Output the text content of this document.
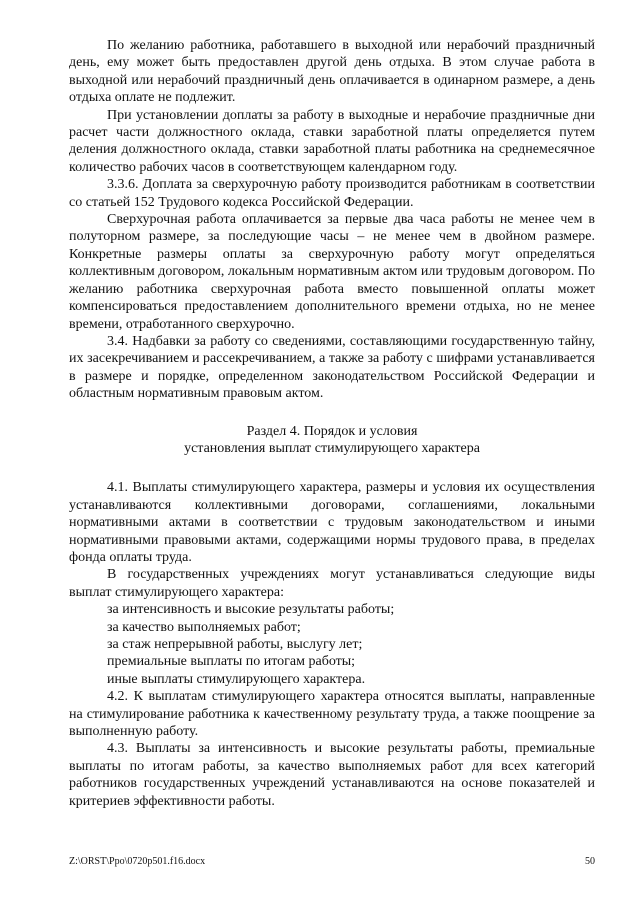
По желанию работника, работавшего в выходной или нерабочий праздничный день, ему может быть предоставлен другой день отдыха. В этом случае работа в выходной или нерабочий праздничный день оплачивается в одинарном размере, а день отдыха оплате не подлежит.

При установлении доплаты за работу в выходные и нерабочие праздничные дни расчет части должностного оклада, ставки заработной платы определяется путем деления должностного оклада, ставки заработной платы работника на среднемесячное количество рабочих часов в соответствующем календарном году.

3.3.6. Доплата за сверхурочную работу производится работникам в соответствии со статьей 152 Трудового кодекса Российской Федерации.

Сверхурочная работа оплачивается за первые два часа работы не менее чем в полуторном размере, за последующие часы – не менее чем в двойном размере. Конкретные размеры оплаты за сверхурочную работу могут определяться коллективным договором, локальным нормативным актом или трудовым договором. По желанию работника сверхурочная работа вместо повышенной оплаты может компенсироваться предоставлением дополнительного времени отдыха, но не менее времени, отработанного сверхурочно.

3.4. Надбавки за работу со сведениями, составляющими государственную тайну, их засекречиванием и рассекречиванием, а также за работу с шифрами устанавливается в размере и порядке, определенном законодательством Российской Федерации и областным нормативным правовым актом.

Раздел 4. Порядок и условия
установления выплат стимулирующего характера

4.1. Выплаты стимулирующего характера, размеры и условия их осуществления устанавливаются коллективными договорами, соглашениями, локальными нормативными актами в соответствии с трудовым законодательством и иными нормативными правовыми актами, содержащими нормы трудового права, в пределах фонда оплаты труда.

В государственных учреждениях могут устанавливаться следующие виды выплат стимулирующего характера:

за интенсивность и высокие результаты работы;

за качество выполняемых работ;

за стаж непрерывной работы, выслугу лет;

премиальные выплаты по итогам работы;

иные выплаты стимулирующего характера.

4.2. К выплатам стимулирующего характера относятся выплаты, направленные на стимулирование работника к качественному результату труда, а также поощрение за выполненную работу.

4.3. Выплаты за интенсивность и высокие результаты работы, премиальные выплаты по итогам работы, за качество выполняемых работ для всех категорий работников государственных учреждений устанавливаются на основе показателей и критериев эффективности работы.

Z:\ORST\Ppo\0720p501.f16.docx	50
